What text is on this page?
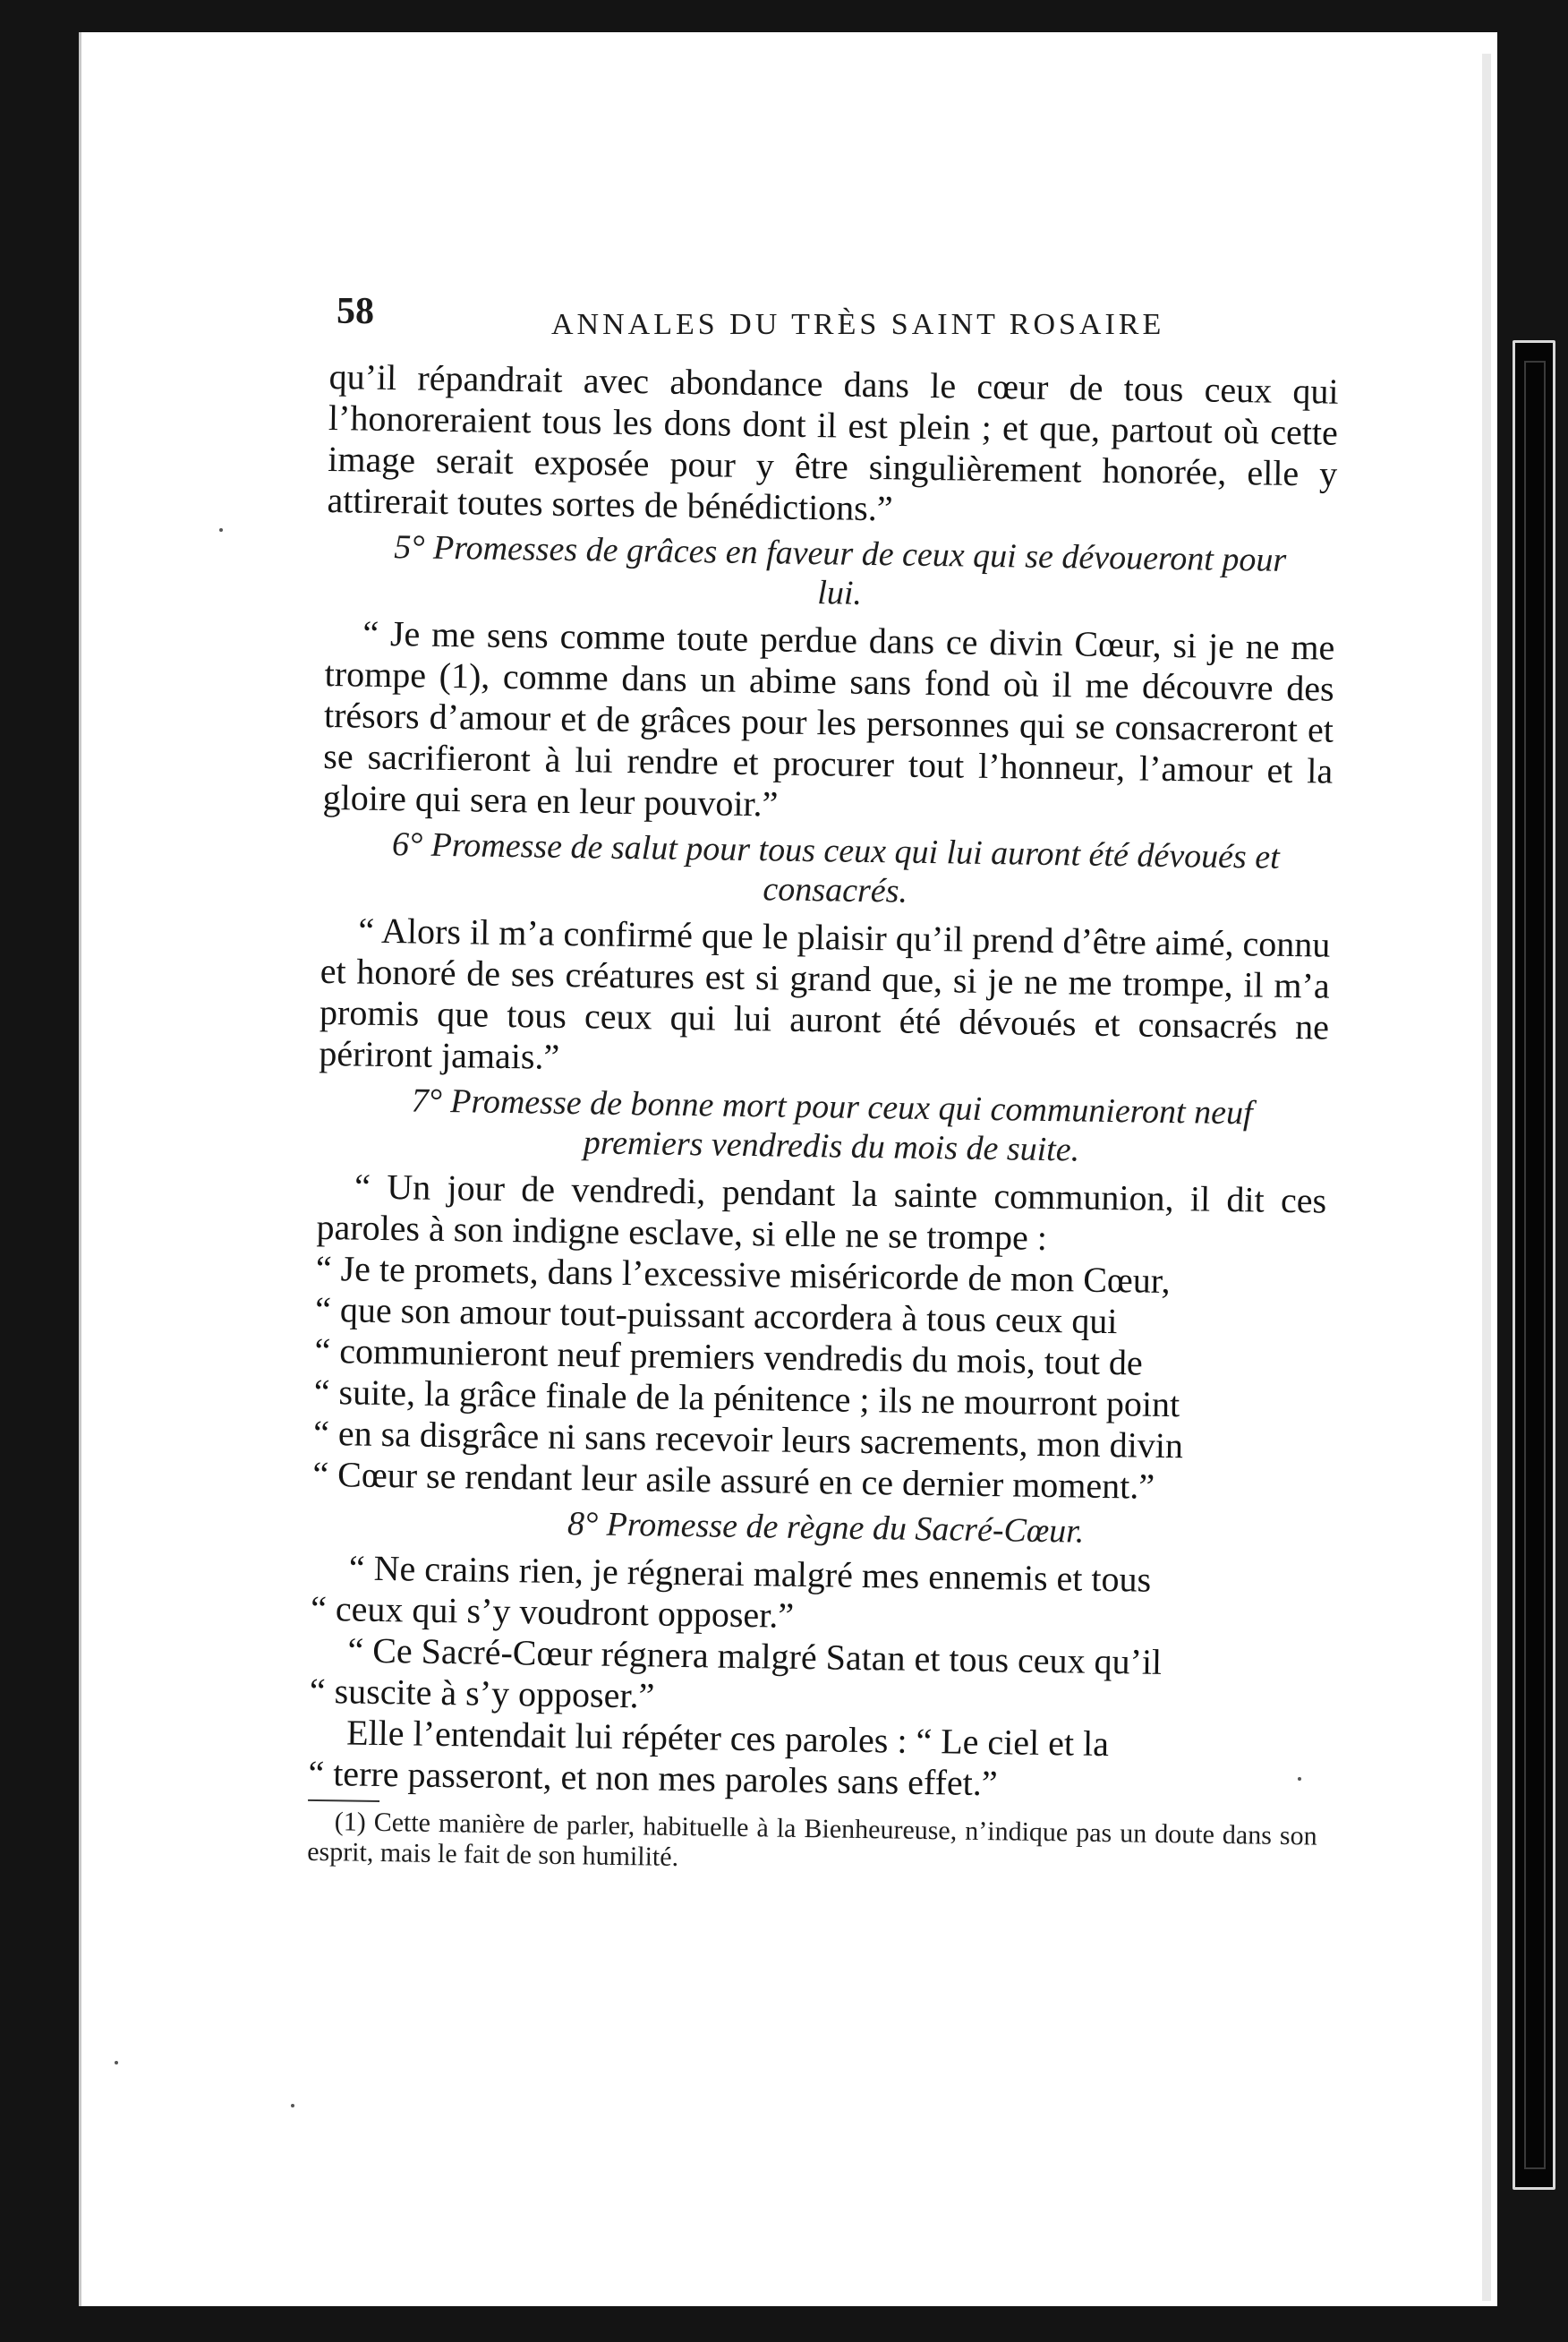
58	ANNALES DU TRÈS SAINT ROSAIRE

qu’il répandrait avec abondance dans le cœur de tous ceux qui l’honoreraient tous les dons dont il est plein ; et que, partout où cette image serait exposée pour y être singulièrement honorée, elle y attirerait toutes sortes de bénédictions.”

5° Promesses de grâces en faveur de ceux qui se dévoueront pour lui.

“ Je me sens comme toute perdue dans ce divin Cœur, si je ne me trompe (1), comme dans un abime sans fond où il me découvre des trésors d’amour et de grâces pour les personnes qui se consacreront et se sacrifieront à lui rendre et procurer tout l’honneur, l’amour et la gloire qui sera en leur pouvoir.”

6° Promesse de salut pour tous ceux qui lui auront été dévoués et consacrés.

“ Alors il m’a confirmé que le plaisir qu’il prend d’être aimé, connu et honoré de ses créatures est si grand que, si je ne me trompe, il m’a promis que tous ceux qui lui auront été dévoués et consacrés ne périront jamais.”

7° Promesse de bonne mort pour ceux qui communieront neuf premiers vendredis du mois de suite.

“ Un jour de vendredi, pendant la sainte communion, il dit ces paroles à son indigne esclave, si elle ne se trompe :

“ Je te promets, dans l’excessive miséricorde de mon Cœur,

“ que son amour tout-puissant accordera à tous ceux qui

“ communieront neuf premiers vendredis du mois, tout de

“ suite, la grâce finale de la pénitence ; ils ne mourront point

“ en sa disgrâce ni sans recevoir leurs sacrements, mon divin

“ Cœur se rendant leur asile assuré en ce dernier moment.”

8° Promesse de règne du Sacré-Cœur.

“ Ne crains rien, je régnerai malgré mes ennemis et tous

“ ceux qui s’y voudront opposer.”

“ Ce Sacré-Cœur régnera malgré Satan et tous ceux qu’il

“ suscite à s’y opposer.”

Elle l’entendait lui répéter ces paroles : “ Le ciel et la

“ terre passeront, et non mes paroles sans effet.”

(1) Cette manière de parler, habituelle à la Bienheureuse, n’indique pas un doute dans son esprit, mais le fait de son humilité.
